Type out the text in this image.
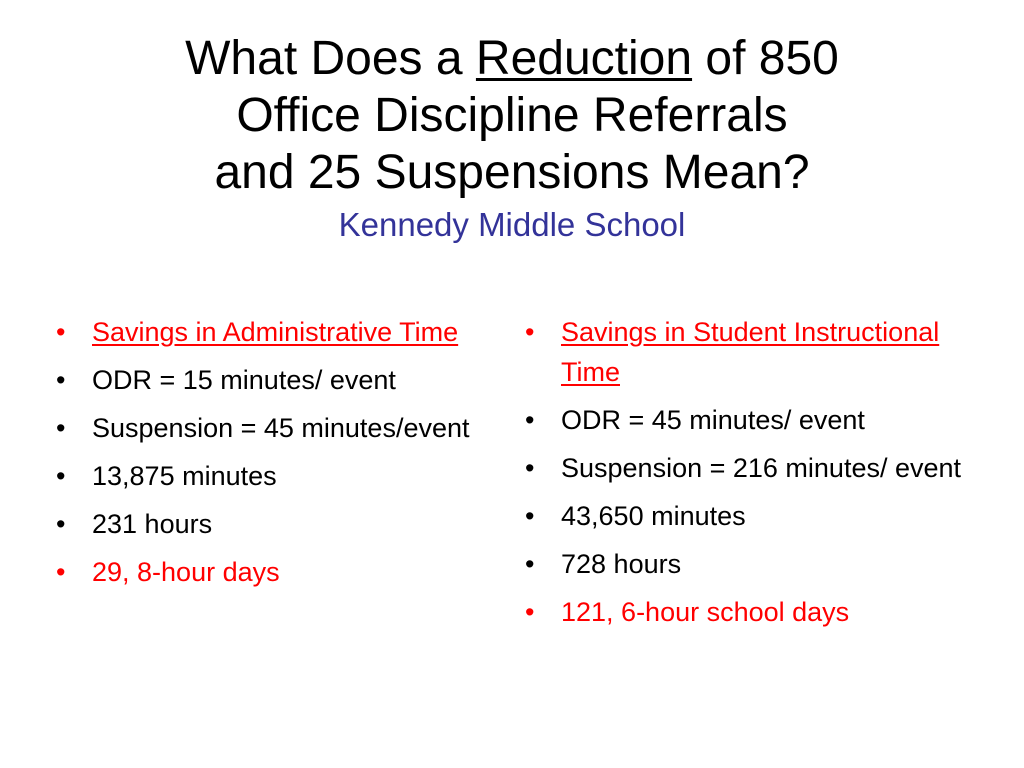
What Does a Reduction of 850
Office Discipline Referrals
and 25 Suspensions Mean?
Kennedy Middle School
• Savings in Administrative Time
• ODR = 15 minutes/ event
• Suspension = 45 minutes/event
• 13,875 minutes
• 231 hours
• 29, 8-hour days
• Savings in Student Instructional Time
• ODR = 45 minutes/ event
• Suspension = 216 minutes/ event
• 43,650 minutes
• 728 hours
• 121, 6-hour school days
